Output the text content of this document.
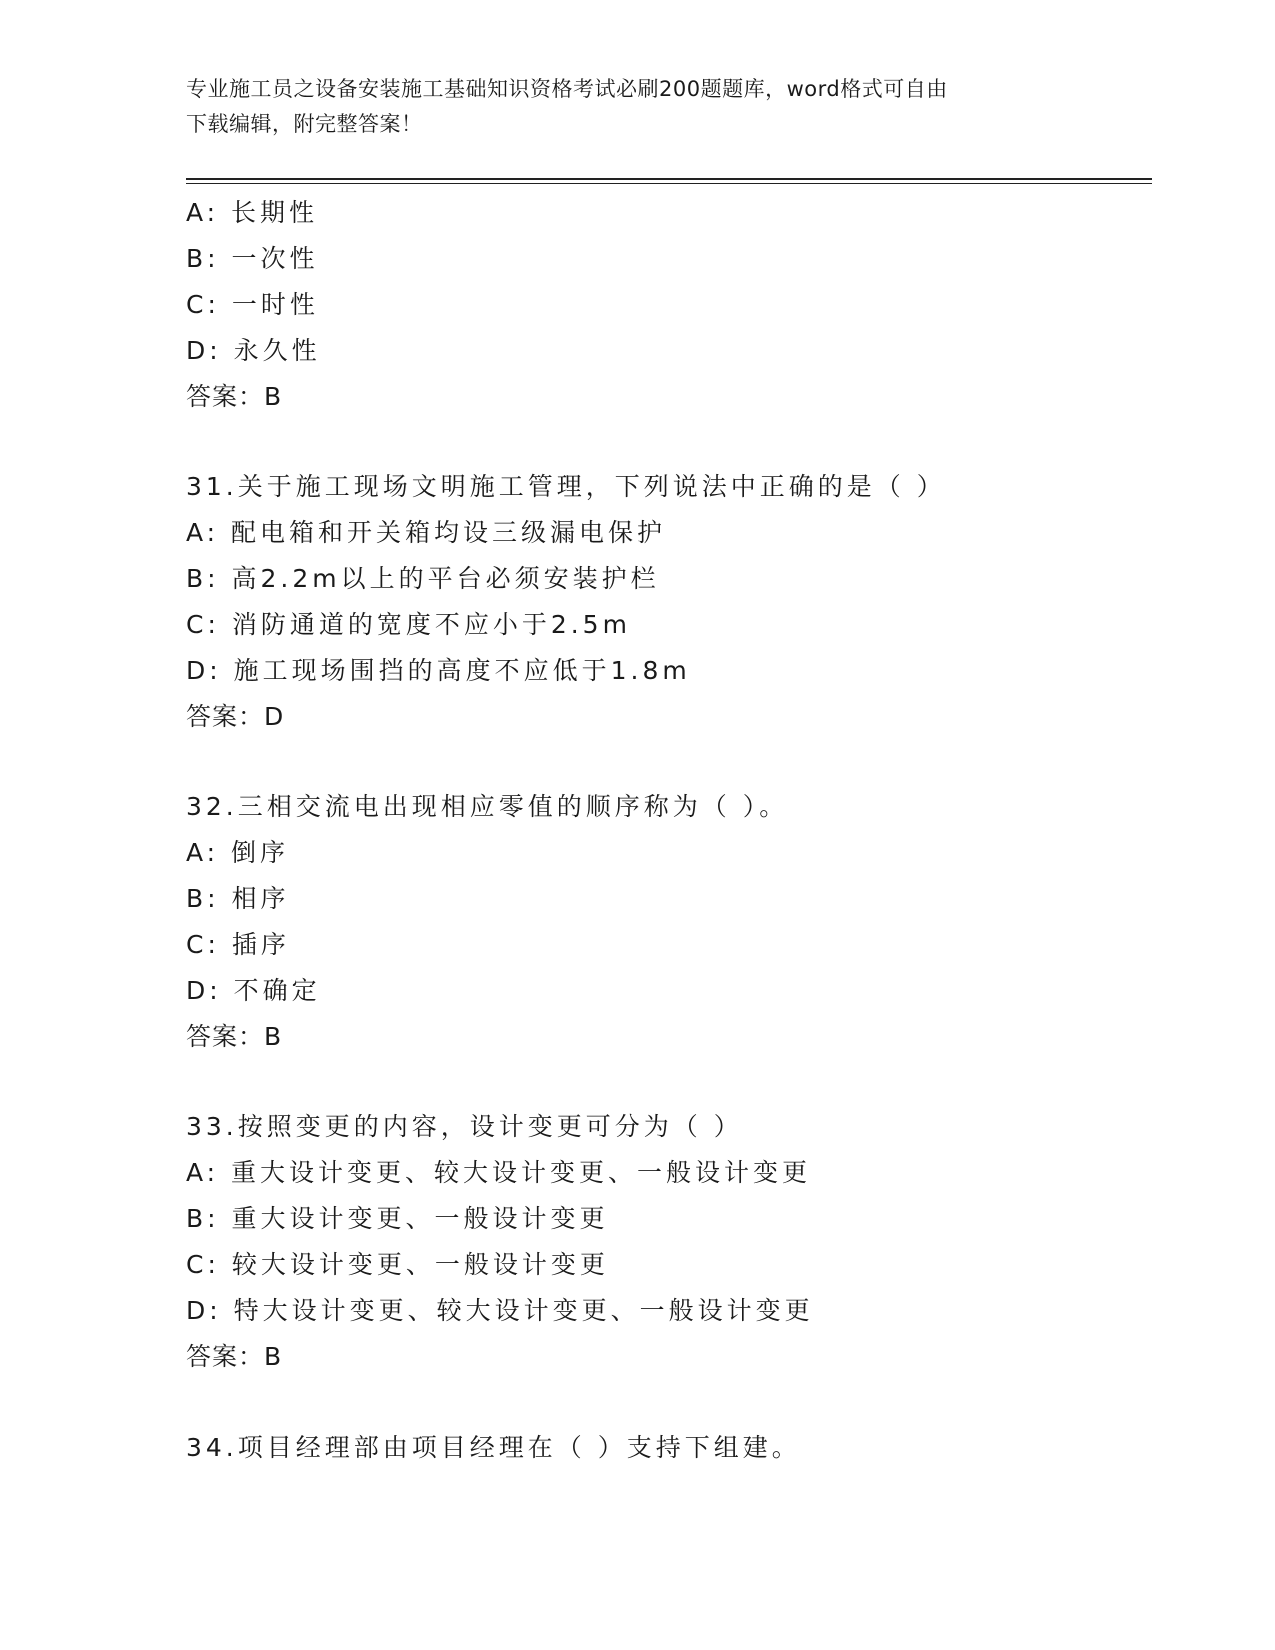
专业施工员之设备安装施工基础知识资格考试必刷200题题库，word格式可自由
下载编辑，附完整答案！
A: 长期性
B: 一次性
C: 一时性
D: 永久性
答案：B
31.关于施工现场文明施工管理，下列说法中正确的是（ ）
A: 配电箱和开关箱均设三级漏电保护
B: 高2.2m以上的平台必须安装护栏
C: 消防通道的宽度不应小于2.5m
D: 施工现场围挡的高度不应低于1.8m
答案：D
32.三相交流电出现相应零值的顺序称为（ ）。
A: 倒序
B: 相序
C: 插序
D: 不确定
答案：B
33.按照变更的内容，设计变更可分为（ ）
A: 重大设计变更、较大设计变更、一般设计变更
B: 重大设计变更、一般设计变更
C: 较大设计变更、一般设计变更
D: 特大设计变更、较大设计变更、一般设计变更
答案：B
34.项目经理部由项目经理在（ ）支持下组建。
